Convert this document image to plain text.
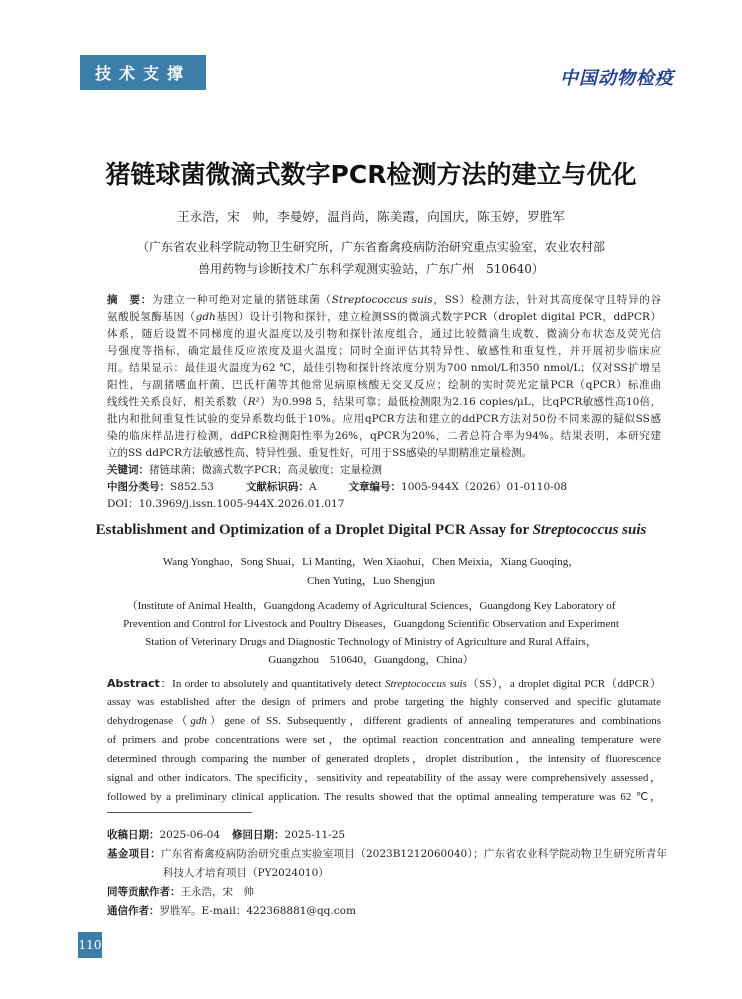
技术支撑	中国动物检疫
猪链球菌微滴式数字PCR检测方法的建立与优化
王永浩，宋　帅，李曼婷，温肖尚，陈美霞，向国庆，陈玉婷，罗胜军
（广东省农业科学院动物卫生研究所，广东省畜禽疫病防治研究重点实验室，农业农村部
兽用药物与诊断技术广东科学观测实验站，广东广州　510640）
摘　要：为建立一种可绝对定量的猪链球菌（Streptococcus suis，SS）检测方法，针对其高度保守且特异的谷
氨酸脱氢酶基因（gdh基因）设计引物和探针，建立检测SS的微滴式数字PCR（droplet digital PCR，ddPCR）
体系，随后设置不同梯度的退火温度以及引物和探针浓度组合，通过比较微滴生成数、微滴分布状态及荧光信
号强度等指标，确定最佳反应浓度及退火温度；同时全面评估其特异性、敏感性和重复性，并开展初步临床应
用。结果显示：最佳退火温度为62 ℃，最佳引物和探针终浓度分别为700 nmol/L和350 nmol/L；仅对SS扩增呈
阳性，与副猪嗜血杆菌、巴氏杆菌等其他常见病原核酸无交叉反应；绘制的实时荧光定量PCR（qPCR）标准曲
线线性关系良好，相关系数（R²）为0.998 5，结果可靠；最低检测限为2.16 copies/μL，比qPCR敏感性高10倍，
批内和批间重复性试验的变异系数均低于10%。应用qPCR方法和建立的ddPCR方法对50份不同来源的疑似SS感
染的临床样品进行检测，ddPCR检测阳性率为26%，qPCR为20%，二者总符合率为94%。结果表明，本研究建
立的SS ddPCR方法敏感性高、特异性强、重复性好，可用于SS感染的早期精准定量检测。
关键词：猪链球菌；微滴式数字PCR；高灵敏度；定量检测
中图分类号：S852.53	文献标识码：A	文章编号：1005-944X（2026）01-0110-08
DOI：10.3969/j.issn.1005-944X.2026.01.017
Establishment and Optimization of a Droplet Digital PCR Assay for Streptococcus suis
Wang Yonghao，Song Shuai，Li Manting，Wen Xiaohui，Chen Meixia，Xiang Guoqing，
Chen Yuting，Luo Shengjun
（Institute of Animal Health，Guangdong Academy of Agricultural Sciences，Guangdong Key Laboratory of
Prevention and Control for Livestock and Poultry Diseases，Guangdong Scientific Observation and Experiment
Station of Veterinary Drugs and Diagnostic Technology of Ministry of Agriculture and Rural Affairs，
Guangzhou　510640，Guangdong，China）
Abstract：In order to absolutely and quantitatively detect Streptococcus suis（SS），a droplet digital PCR（ddPCR）
assay was established after the design of primers and probe targeting the highly conserved and specific glutamate
dehydrogenase（gdh）gene of SS. Subsequently，different gradients of annealing temperatures and combinations
of primers and probe concentrations were set，the optimal reaction concentration and annealing temperature were
determined through comparing the number of generated droplets，droplet distribution，the intensity of fluorescence
signal and other indicators. The specificity，sensitivity and repeatability of the assay were comprehensively assessed，
followed by a preliminary clinical application. The results showed that the optimal annealing temperature was 62 ℃，
收稿日期：2025-06-04 修回日期：2025-11-25
基金项目：广东省畜禽疫病防治研究重点实验室项目（2023B1212060040）；广东省农业科学院动物卫生研究所青年
科技人才培育项目（PY2024010）
同等贡献作者：王永浩，宋　帅
通信作者：罗胜军。E-mail：422368881@qq.com
110
